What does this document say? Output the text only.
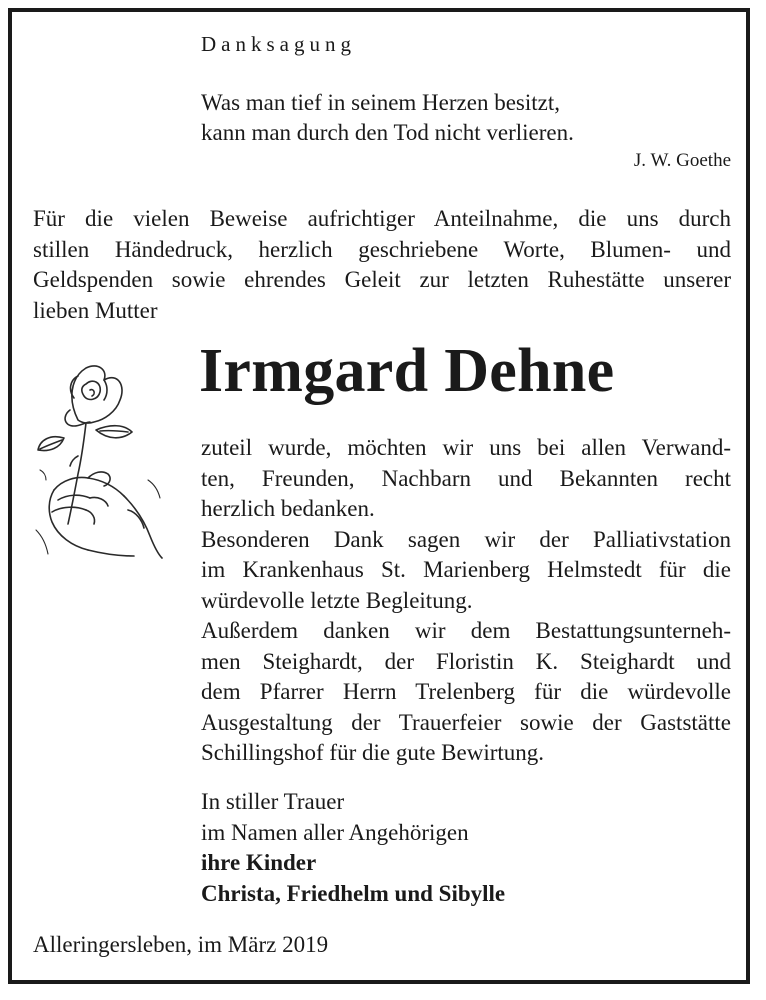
Danksagung
Was man tief in seinem Herzen besitzt,
kann man durch den Tod nicht verlieren.
J. W. Goethe
Für die vielen Beweise aufrichtiger Anteilnahme, die uns durch
stillen Händedruck, herzlich geschriebene Worte, Blumen- und
Geldspenden sowie ehrendes Geleit zur letzten Ruhestätte unserer
lieben Mutter
Irmgard Dehne
zuteil wurde, möchten wir uns bei allen Verwand-
ten, Freunden, Nachbarn und Bekannten recht
herzlich bedanken.
Besonderen Dank sagen wir der Palliativstation
im Krankenhaus St. Marienberg Helmstedt für die
würdevolle letzte Begleitung.
Außerdem danken wir dem Bestattungsunterneh-
men Steighardt, der Floristin K. Steighardt und
dem Pfarrer Herrn Trelenberg für die würdevolle
Ausgestaltung der Trauerfeier sowie der Gaststätte
Schillingshof für die gute Bewirtung.
In stiller Trauer
im Namen aller Angehörigen
ihre Kinder
Christa, Friedhelm und Sibylle
Alleringersleben, im März 2019
